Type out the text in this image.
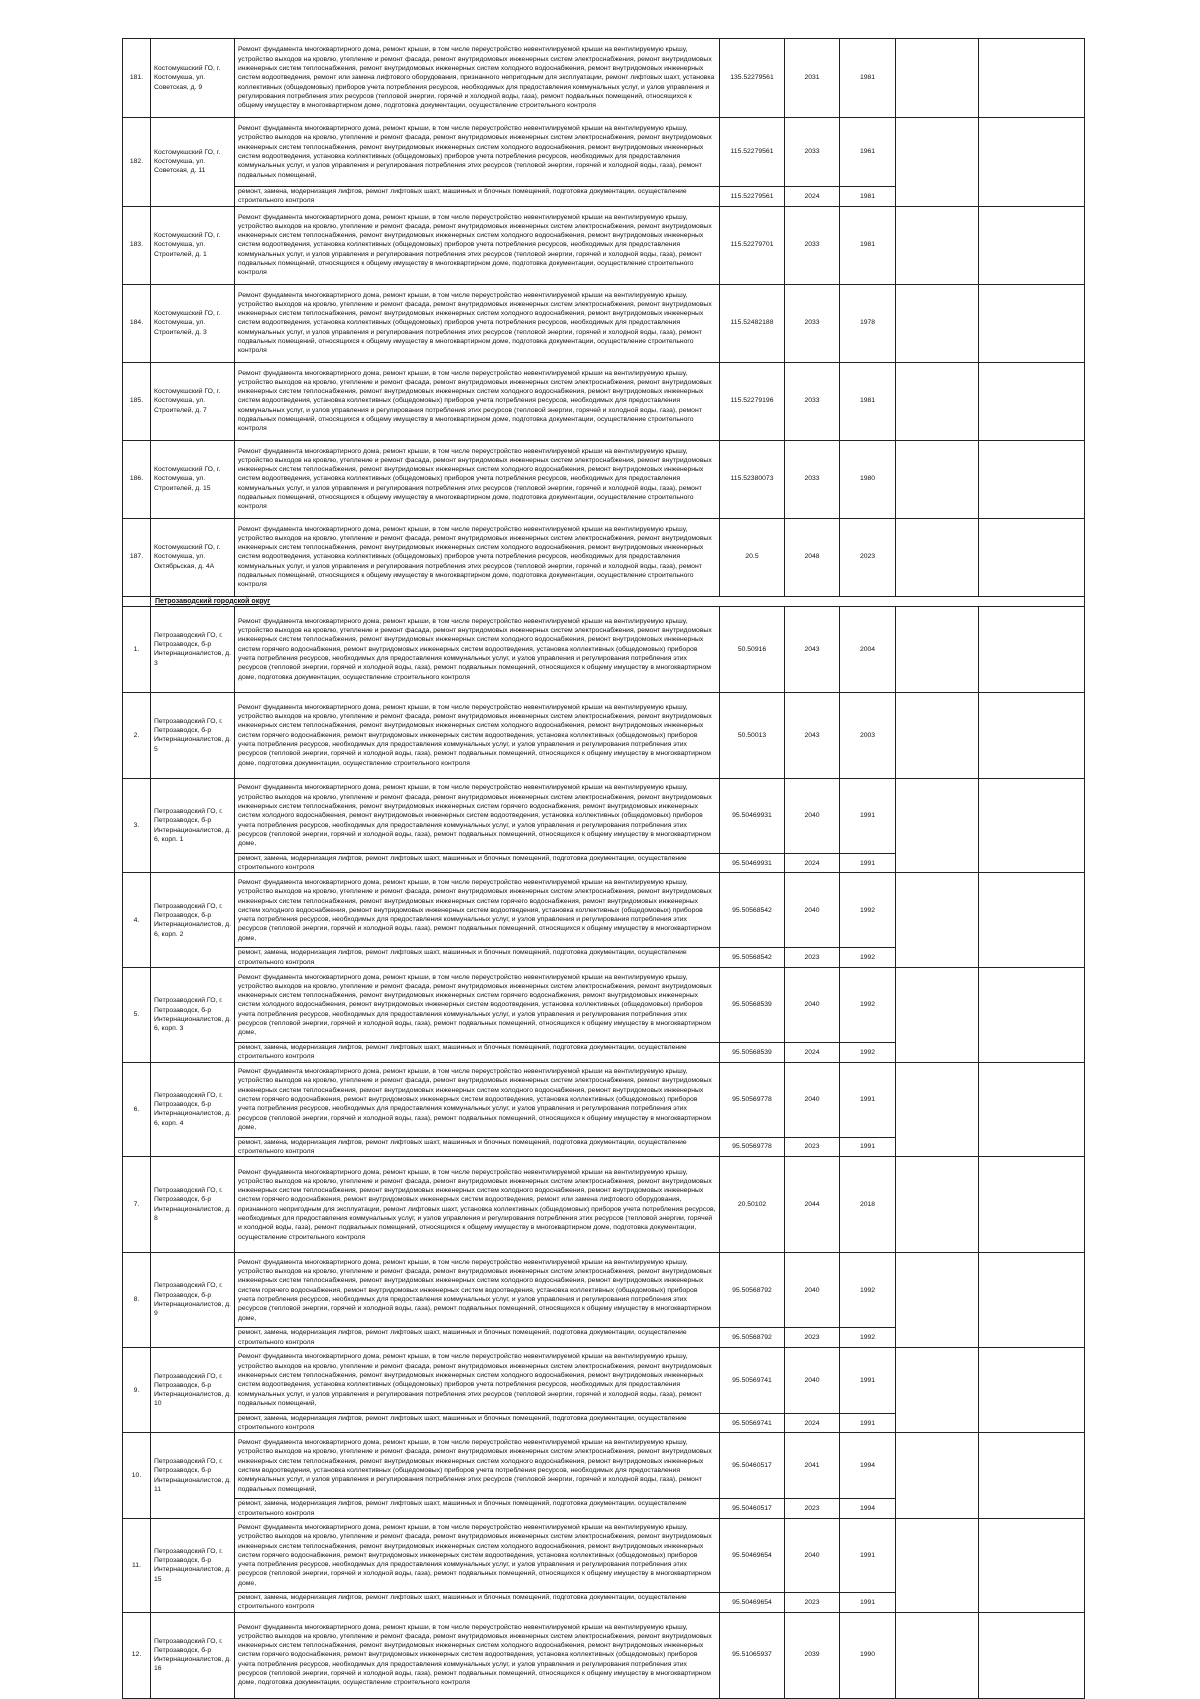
181.	Костомукшский ГО, г. Костомукша, ул. Советская, д. 9	Ремонт фундамента многоквартирного дома, ремонт крыши, в том числе переустройство невентилируемой крыши на вентилируемую крышу, устройство выходов на кровлю, утепление и ремонт фасада, ремонт внутридомовых инженерных систем электроснабжения, ремонт внутридомовых инженерных систем теплоснабжения, ремонт внутридомовых инженерных систем холодного водоснабжения, ремонт внутридомовых инженерных систем водоотведения, ремонт или замена лифтового оборудования, признанного непригодным для эксплуатации, ремонт лифтовых шахт, установка коллективных (общедомовых) приборов учета потребления ресурсов, необходимых для предоставления коммунальных услуг, и узлов управления и регулирования потребления этих ресурсов (тепловой энергии, горячей и холодной воды, газа), ремонт подвальных помещений, относящихся к общему имуществу в многоквартирном доме, подготовка документации, осуществление строительного контроля	135.52279561	2031	1981		
182.	Костомукшский ГО, г. Костомукша, ул. Советская, д. 11	Ремонт фундамента многоквартирного дома, ремонт крыши, в том числе переустройство невентилируемой крыши на вентилируемую крышу, устройство выходов на кровлю, утепление и ремонт фасада, ремонт внутридомовых инженерных систем электроснабжения, ремонт внутридомовых инженерных систем теплоснабжения, ремонт внутридомовых инженерных систем холодного водоснабжения, ремонт внутридомовых инженерных систем водоотведения, установка коллективных (общедомовых) приборов учета потребления ресурсов, необходимых для предоставления коммунальных услуг, и узлов управления и регулирования потребления этих ресурсов (тепловой энергии, горячей и холодной воды, газа), ремонт подвальных помещений,	115.52279561	2033	1961		
		ремонт, замена, модернизация лифтов, ремонт лифтовых шахт, машинных и блочных помещений, подготовка документации, осуществление строительного контроля	115.52279561	2024	1981		
183.	Костомукшский ГО, г. Костомукша, ул. Строителей, д. 1	Ремонт фундамента многоквартирного дома, ремонт крыши, в том числе переустройство невентилируемой крыши на вентилируемую крышу, устройство выходов на кровлю, утепление и ремонт фасада, ремонт внутридомовых инженерных систем электроснабжения, ремонт внутридомовых инженерных систем теплоснабжения, ремонт внутридомовых инженерных систем холодного водоснабжения, ремонт внутридомовых инженерных систем водоотведения, установка коллективных (общедомовых) приборов учета потребления ресурсов, необходимых для предоставления коммунальных услуг, и узлов управления и регулирования потребления этих ресурсов (тепловой энергии, горячей и холодной воды, газа), ремонт подвальных помещений, относящихся к общему имуществу в многоквартирном доме, подготовка документации, осуществление строительного контроля	115.52279701	2033	1981		
184.	Костомукшский ГО, г. Костомукша, ул. Строителей, д. 3	Ремонт фундамента многоквартирного дома, ремонт крыши, в том числе переустройство невентилируемой крыши на вентилируемую крышу, устройство выходов на кровлю, утепление и ремонт фасада, ремонт внутридомовых инженерных систем электроснабжения, ремонт внутридомовых инженерных систем теплоснабжения, ремонт внутридомовых инженерных систем холодного водоснабжения, ремонт внутридомовых инженерных систем водоотведения, установка коллективных (общедомовых) приборов учета потребления ресурсов, необходимых для предоставления коммунальных услуг, и узлов управления и регулирования потребления этих ресурсов (тепловой энергии, горячей и холодной воды, газа), ремонт подвальных помещений, относящихся к общему имуществу в многоквартирном доме, подготовка документации, осуществление строительного контроля	115.52482188	2033	1978		
185.	Костомукшский ГО, г. Костомукша, ул. Строителей, д. 7	Ремонт фундамента многоквартирного дома, ремонт крыши, в том числе переустройство невентилируемой крыши на вентилируемую крышу, устройство выходов на кровлю, утепление и ремонт фасада, ремонт внутридомовых инженерных систем электроснабжения, ремонт внутридомовых инженерных систем теплоснабжения, ремонт внутридомовых инженерных систем холодного водоснабжения, ремонт внутридомовых инженерных систем водоотведения, установка коллективных (общедомовых) приборов учета потребления ресурсов, необходимых для предоставления коммунальных услуг, и узлов управления и регулирования потребления этих ресурсов (тепловой энергии, горячей и холодной воды, газа), ремонт подвальных помещений, относящихся к общему имуществу в многоквартирном доме, подготовка документации, осуществление строительного контроля	115.52279196	2033	1981		
186.	Костомукшский ГО, г. Костомукша, ул. Строителей, д. 15	Ремонт фундамента многоквартирного дома, ремонт крыши, в том числе переустройство невентилируемой крыши на вентилируемую крышу, устройство выходов на кровлю, утепление и ремонт фасада, ремонт внутридомовых инженерных систем электроснабжения, ремонт внутридомовых инженерных систем теплоснабжения, ремонт внутридомовых инженерных систем холодного водоснабжения, ремонт внутридомовых инженерных систем водоотведения, установка коллективных (общедомовых) приборов учета потребления ресурсов, необходимых для предоставления коммунальных услуг, и узлов управления и регулирования потребления этих ресурсов (тепловой энергии, горячей и холодной воды, газа), ремонт подвальных помещений, относящихся к общему имуществу в многоквартирном доме, подготовка документации, осуществление строительного контроля	115.52380073	2033	1980		
187.	Костомукшский ГО, г. Костомукша, ул. Октябрьская, д. 4А	Ремонт фундамента многоквартирного дома, ремонт крыши, в том числе переустройство невентилируемой крыши на вентилируемую крышу, устройство выходов на кровлю, утепление и ремонт фасада, ремонт внутридомовых инженерных систем электроснабжения, ремонт внутридомовых инженерных систем теплоснабжения, ремонт внутридомовых инженерных систем холодного водоснабжения, ремонт внутридомовых инженерных систем водоотведения, установка коллективных (общедомовых) приборов учета потребления ресурсов, необходимых для предоставления коммунальных услуг, и узлов управления и регулирования потребления этих ресурсов (тепловой энергии, горячей и холодной воды, газа), ремонт подвальных помещений, относящихся к общему имуществу в многоквартирном доме, подготовка документации, осуществление строительного контроля	20.5	2048	2023		
	Петрозаводский городской округ						
1.	Петрозаводский ГО, г. Петрозаводск, б-р Интернационалистов, д. 3	Ремонт фундамента многоквартирного дома, ремонт крыши, в том числе переустройство невентилируемой крыши на вентилируемую крышу, устройство выходов на кровлю, утепление и ремонт фасада, ремонт внутридомовых инженерных систем электроснабжения, ремонт внутридомовых инженерных систем теплоснабжения, ремонт внутридомовых инженерных систем холодного водоснабжения, ремонт внутридомовых инженерных систем горячего водоснабжения, ремонт внутридомовых инженерных систем водоотведения, установка коллективных (общедомовых) приборов учета потребления ресурсов, необходимых для предоставления коммунальных услуг, и узлов управления и регулирования потребления этих ресурсов (тепловой энергии, горячей и холодной воды, газа), ремонт подвальных помещений, относящихся к общему имуществу в многоквартирном доме, подготовка документации, осуществление строительного контроля	50.50916	2043	2004		
2.	Петрозаводский ГО, г. Петрозаводск, б-р Интернационалистов, д. 5	Ремонт фундамента многоквартирного дома, ремонт крыши, в том числе переустройство невентилируемой крыши на вентилируемую крышу, устройство выходов на кровлю, утепление и ремонт фасада, ремонт внутридомовых инженерных систем электроснабжения, ремонт внутридомовых инженерных систем теплоснабжения, ремонт внутридомовых инженерных систем холодного водоснабжения, ремонт внутридомовых инженерных систем горячего водоснабжения, ремонт внутридомовых инженерных систем водоотведения, установка коллективных (общедомовых) приборов учета потребления ресурсов, необходимых для предоставления коммунальных услуг, и узлов управления и регулирования потребления этих ресурсов (тепловой энергии, горячей и холодной воды, газа), ремонт подвальных помещений, относящихся к общему имуществу в многоквартирном доме, подготовка документации, осуществление строительного контроля	50.50013	2043	2003		
3.	Петрозаводский ГО, г. Петрозаводск, б-р Интернационалистов, д. 6, корп. 1	Ремонт фундамента многоквартирного дома, ремонт крыши, в том числе переустройство невентилируемой крыши на вентилируемую крышу, устройство выходов на кровлю, утепление и ремонт фасада, ремонт внутридомовых инженерных систем электроснабжения, ремонт внутридомовых инженерных систем теплоснабжения, ремонт внутридомовых инженерных систем горячего водоснабжения, ремонт внутридомовых инженерных систем холодного водоснабжения, ремонт внутридомовых инженерных систем водоотведения, установка коллективных (общедомовых) приборов учета потребления ресурсов, необходимых для предоставления коммунальных услуг, и узлов управления и регулирования потребления этих ресурсов (тепловой энергии, горячей и холодной воды, газа), ремонт подвальных помещений, относящихся к общему имуществу в многоквартирном доме,	95.50469931	2040	1991		
		ремонт, замена, модернизация лифтов, ремонт лифтовых шахт, машинных и блочных помещений, подготовка документации, осуществление строительного контроля	95.50469931	2024	1991		
4.	Петрозаводский ГО, г. Петрозаводск, б-р Интернационалистов, д. 6, корп. 2	Ремонт фундамента многоквартирного дома, ремонт крыши, в том числе переустройство невентилируемой крыши на вентилируемую крышу, устройство выходов на кровлю, утепление и ремонт фасада, ремонт внутридомовых инженерных систем электроснабжения, ремонт внутридомовых инженерных систем теплоснабжения, ремонт внутридомовых инженерных систем горячего водоснабжения, ремонт внутридомовых инженерных систем холодного водоснабжения, ремонт внутридомовых инженерных систем водоотведения, установка коллективных (общедомовых) приборов учета потребления ресурсов, необходимых для предоставления коммунальных услуг, и узлов управления и регулирования потребления этих ресурсов (тепловой энергии, горячей и холодной воды, газа), ремонт подвальных помещений, относящихся к общему имуществу в многоквартирном доме,	95.50568542	2040	1992		
		ремонт, замена, модернизация лифтов, ремонт лифтовых шахт, машинных и блочных помещений, подготовка документации, осуществление строительного контроля	95.50568542	2023	1992		
5.	Петрозаводский ГО, г. Петрозаводск, б-р Интернационалистов, д. 6, корп. 3	Ремонт фундамента многоквартирного дома, ремонт крыши, в том числе переустройство невентилируемой крыши на вентилируемую крышу, устройство выходов на кровлю, утепление и ремонт фасада, ремонт внутридомовых инженерных систем электроснабжения, ремонт внутридомовых инженерных систем теплоснабжения, ремонт внутридомовых инженерных систем горячего водоснабжения, ремонт внутридомовых инженерных систем холодного водоснабжения, ремонт внутридомовых инженерных систем водоотведения, установка коллективных (общедомовых) приборов учета потребления ресурсов, необходимых для предоставления коммунальных услуг, и узлов управления и регулирования потребления этих ресурсов (тепловой энергии, горячей и холодной воды, газа), ремонт подвальных помещений, относящихся к общему имуществу в многоквартирном доме,	95.50568539	2040	1992		
		ремонт, замена, модернизация лифтов, ремонт лифтовых шахт, машинных и блочных помещений, подготовка документации, осуществление строительного контроля	95.50568539	2024	1992		
6.	Петрозаводский ГО, г. Петрозаводск, б-р Интернационалистов, д. 6, корп. 4	Ремонт фундамента многоквартирного дома, ремонт крыши, в том числе переустройство невентилируемой крыши на вентилируемую крышу, устройство выходов на кровлю, утепление и ремонт фасада, ремонт внутридомовых инженерных систем электроснабжения, ремонт внутридомовых инженерных систем теплоснабжения, ремонт внутридомовых инженерных систем холодного водоснабжения, ремонт внутридомовых инженерных систем горячего водоснабжения, ремонт внутридомовых инженерных систем водоотведения, установка коллективных (общедомовых) приборов учета потребления ресурсов, необходимых для предоставления коммунальных услуг, и узлов управления и регулирования потребления этих ресурсов (тепловой энергии, горячей и холодной воды, газа), ремонт подвальных помещений, относящихся к общему имуществу в многоквартирном доме,	95.50569778	2040	1991		
		ремонт, замена, модернизация лифтов, ремонт лифтовых шахт, машинных и блочных помещений, подготовка документации, осуществление строительного контроля	95.50569778	2023	1991		
7.	Петрозаводский ГО, г. Петрозаводск, б-р Интернационалистов, д. 8	Ремонт фундамента многоквартирного дома, ремонт крыши, в том числе переустройство невентилируемой крыши на вентилируемую крышу, устройство выходов на кровлю, утепление и ремонт фасада, ремонт внутридомовых инженерных систем электроснабжения, ремонт внутридомовых инженерных систем теплоснабжения, ремонт внутридомовых инженерных систем холодного водоснабжения, ремонт внутридомовых инженерных систем горячего водоснабжения, ремонт внутридомовых инженерных систем водоотведения, ремонт или замена лифтового оборудования, признанного непригодным для эксплуатации, ремонт лифтовых шахт, установка коллективных (общедомовых) приборов учета потребления ресурсов, необходимых для предоставления коммунальных услуг, и узлов управления и регулирования потребления этих ресурсов (тепловой энергии, горячей и холодной воды, газа), ремонт подвальных помещений, относящихся к общему имуществу в многоквартирном доме, подготовка документации, осуществление строительного контроля	20.50102	2044	2018		
8.	Петрозаводский ГО, г. Петрозаводск, б-р Интернационалистов, д. 9	Ремонт фундамента многоквартирного дома, ремонт крыши, в том числе переустройство невентилируемой крыши на вентилируемую крышу, устройство выходов на кровлю, утепление и ремонт фасада, ремонт внутридомовых инженерных систем электроснабжения, ремонт внутридомовых инженерных систем теплоснабжения, ремонт внутридомовых инженерных систем холодного водоснабжения, ремонт внутридомовых инженерных систем горячего водоснабжения, ремонт внутридомовых инженерных систем водоотведения, установка коллективных (общедомовых) приборов учета потребления ресурсов, необходимых для предоставления коммунальных услуг, и узлов управления и регулирования потребления этих ресурсов (тепловой энергии, горячей и холодной воды, газа), ремонт подвальных помещений, относящихся к общему имуществу в многоквартирном доме,	95.50568792	2040	1992		
		ремонт, замена, модернизация лифтов, ремонт лифтовых шахт, машинных и блочных помещений, подготовка документации, осуществление строительного контроля	95.50568792	2023	1992		
9.	Петрозаводский ГО, г. Петрозаводск, б-р Интернационалистов, д. 10	Ремонт фундамента многоквартирного дома, ремонт крыши, в том числе переустройство невентилируемой крыши на вентилируемую крышу, устройство выходов на кровлю, утепление и ремонт фасада, ремонт внутридомовых инженерных систем электроснабжения, ремонт внутридомовых инженерных систем теплоснабжения, ремонт внутридомовых инженерных систем холодного водоснабжения, ремонт внутридомовых инженерных систем водоотведения, установка коллективных (общедомовых) приборов учета потребления ресурсов, необходимых для предоставления коммунальных услуг, и узлов управления и регулирования потребления этих ресурсов (тепловой энергии, горячей и холодной воды, газа), ремонт подвальных помещений,	95.50569741	2040	1991		
		ремонт, замена, модернизация лифтов, ремонт лифтовых шахт, машинных и блочных помещений, подготовка документации, осуществление строительного контроля	95.50569741	2024	1991		
10.	Петрозаводский ГО, г. Петрозаводск, б-р Интернационалистов, д. 11	Ремонт фундамента многоквартирного дома, ремонт крыши, в том числе переустройство невентилируемой крыши на вентилируемую крышу, устройство выходов на кровлю, утепление и ремонт фасада, ремонт внутридомовых инженерных систем электроснабжения, ремонт внутридомовых инженерных систем теплоснабжения, ремонт внутридомовых инженерных систем холодного водоснабжения, ремонт внутридомовых инженерных систем водоотведения, установка коллективных (общедомовых) приборов учета потребления ресурсов, необходимых для предоставления коммунальных услуг, и узлов управления и регулирования потребления этих ресурсов (тепловой энергии, горячей и холодной воды, газа), ремонт подвальных помещений,	95.50460517	2041	1994		
		ремонт, замена, модернизация лифтов, ремонт лифтовых шахт, машинных и блочных помещений, подготовка документации, осуществление строительного контроля	95.50460517	2023	1994		
11.	Петрозаводский ГО, г. Петрозаводск, б-р Интернационалистов, д. 15	Ремонт фундамента многоквартирного дома, ремонт крыши, в том числе переустройство невентилируемой крыши на вентилируемую крышу, устройство выходов на кровлю, утепление и ремонт фасада, ремонт внутридомовых инженерных систем электроснабжения, ремонт внутридомовых инженерных систем теплоснабжения, ремонт внутридомовых инженерных систем холодного водоснабжения, ремонт внутридомовых инженерных систем горячего водоснабжения, ремонт внутридомовых инженерных систем водоотведения, установка коллективных (общедомовых) приборов учета потребления ресурсов, необходимых для предоставления коммунальных услуг, и узлов управления и регулирования потребления этих ресурсов (тепловой энергии, горячей и холодной воды, газа), ремонт подвальных помещений, относящихся к общему имуществу в многоквартирном доме,	95.50469654	2040	1991		
		ремонт, замена, модернизация лифтов, ремонт лифтовых шахт, машинных и блочных помещений, подготовка документации, осуществление строительного контроля	95.50469654	2023	1991		
12.	Петрозаводский ГО, г. Петрозаводск, б-р Интернационалистов, д. 16	Ремонт фундамента многоквартирного дома, ремонт крыши, в том числе переустройство невентилируемой крыши на вентилируемую крышу, устройство выходов на кровлю, утепление и ремонт фасада, ремонт внутридомовых инженерных систем электроснабжения, ремонт внутридомовых инженерных систем теплоснабжения, ремонт внутридомовых инженерных систем холодного водоснабжения, ремонт внутридомовых инженерных систем горячего водоснабжения, ремонт внутридомовых инженерных систем водоотведения, установка коллективных (общедомовых) приборов учета потребления ресурсов, необходимых для предоставления коммунальных услуг, и узлов управления и регулирования потребления этих ресурсов (тепловой энергии, горячей и холодной воды, газа), ремонт подвальных помещений, относящихся к общему имуществу в многоквартирном доме, подготовка документации, осуществление строительного контроля	95.51065937	2039	1990		
